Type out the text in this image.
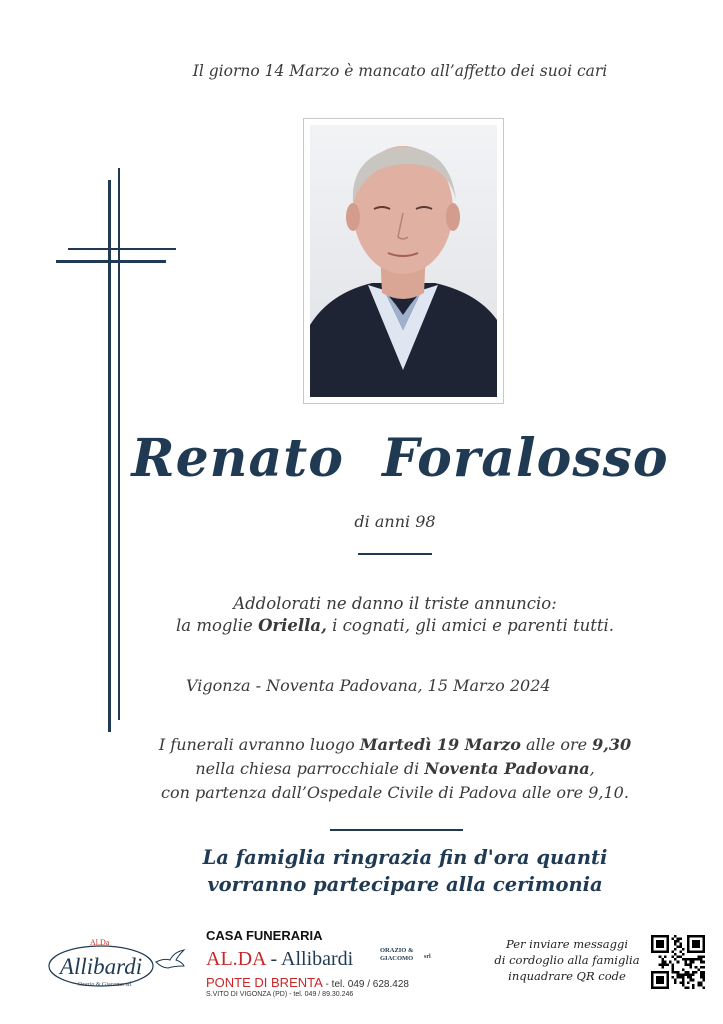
Il giorno 14 Marzo è mancato all’affetto dei suoi cari
Renato  Foralosso
di anni 98
Addolorati ne danno il triste annuncio:
la moglie Oriella, i cognati, gli amici e parenti tutti.
Vigonza - Noventa Padovana, 15 Marzo 2024
I funerali avranno luogo Martedì 19 Marzo alle ore 9,30
nella chiesa parrocchiale di Noventa Padovana,
con partenza dall’Ospedale Civile di Padova alle ore 9,10.
La famiglia ringrazia fin d'ora quanti
vorranno partecipare alla cerimonia
Allibardi
Al.Da
Orazio & Giacomo srl
CASA FUNERARIA
AL.DA - Allibardi	ORAZIO &
GIACOMO srl
PONTE DI BRENTA - tel. 049 / 628.428
S.VITO DI VIGONZA (PD) - tel. 049 / 89.30.246
Per inviare messaggi
di cordoglio alla famiglia
inquadrare QR code
